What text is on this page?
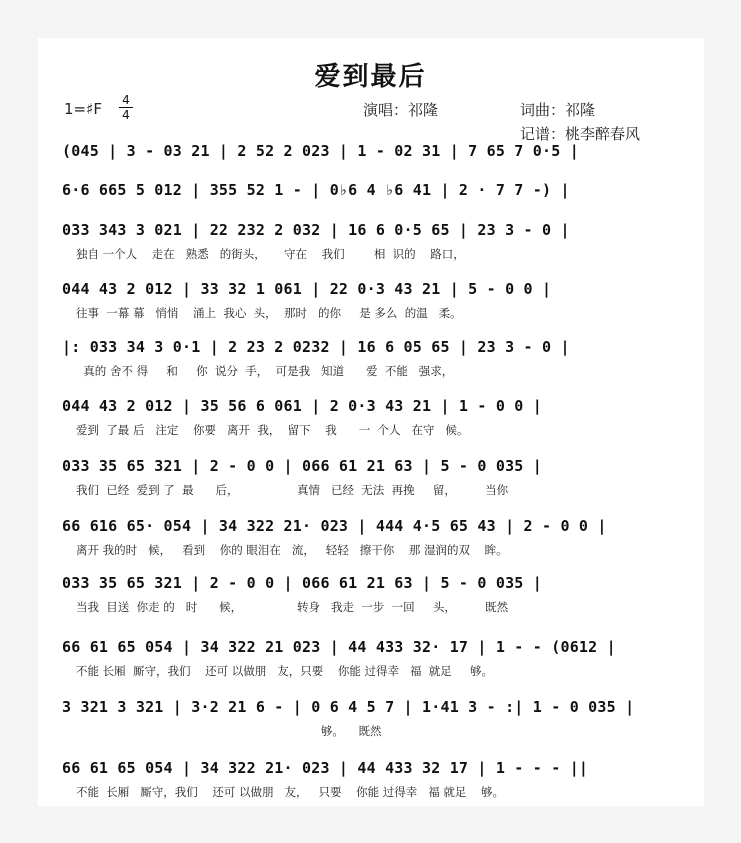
爱到最后
1=♯F 4
4	演唱：祁隆	词曲：祁隆
记谱：桃李醉春风
(045 | 3 - 03 21 | 2 52 2 023 | 1 - 02 31 | 7 65 7 0·5 |
6·6 665 5 012 | 355 52 1 - | 0♭6 4 ♭6 41 | 2 · 7 7 -) |
033 343 3 021 | 22 232 2 032 | 16 6 0·5 65 | 23 3 - 0 |
独自 一个人    走在   熟悉   的街头，     守在    我们        相  识的    路口，
044 43 2 012 | 33 32 1 061 | 22 0·3 43 21 | 5 - 0 0 |
往事  一幕 幕   悄悄    涌上  我心  头，  那时   的你     是 多么  的温   柔。
|: 033 34 3 0·1 | 2 23 2 0232 | 16 6 05 65 | 23 3 - 0 |
真的 舍不 得     和     你  说分  手，  可是我   知道      爱  不能   强求，
044 43 2 012 | 35 56 6 061 | 2 0·3 43 21 | 1 - 0 0 |
爱到  了最 后   注定    你要   离开  我，  留下    我      一  个人   在守   候。
033 35 65 321 | 2 - 0 0 | 066 61 21 63 | 5 - 0 035 |
我们  已经  爱到 了  最      后，                真情   已经  无法  再挽     留，        当你
66 616 65· 054 | 34 322 21· 023 | 444 4·5 65 43 | 2 - 0 0 |
离开 我的时   候，   看到    你的 眼泪在   流，   轻轻   擦干你    那 湿润的双    眸。
033 35 65 321 | 2 - 0 0 | 066 61 21 63 | 5 - 0 035 |
当我  目送  你走 的   时      候，               转身   我走  一步  一回     头，        既然
66 61 65 054 | 34 322 21 023 | 44 433 32· 17 | 1 - - (0612 |
不能 长厢  厮守，我们    还可 以做朋   友，只要    你能 过得幸   福  就足     够。
3 321 3 321 | 3·2 21 6 - | 0 6 4 5 7 | 1·41 3 - :| 1 - 0 035 |
够。    既然
66 61 65 054 | 34 322 21· 023 | 44 433 32 17 | 1 - - - ||
不能  长厢   厮守，我们    还可 以做朋   友，   只要    你能 过得幸   福 就足    够。
